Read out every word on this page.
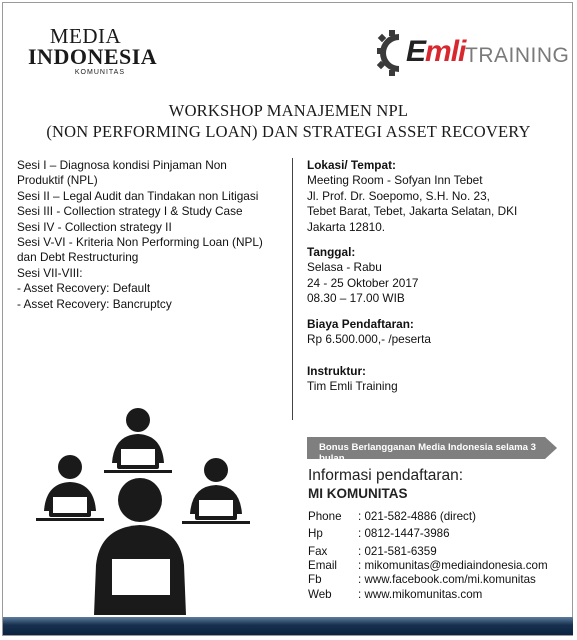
MEDIA
INDONESIA
KOMUNITAS
Emli TRAINING
WORKSHOP MANAJEMEN NPL
(NON PERFORMING LOAN) DAN STRATEGI ASSET RECOVERY
Sesi I – Diagnosa kondisi Pinjaman Non
Produktif (NPL)
Sesi II – Legal Audit dan Tindakan non Litigasi
Sesi III - Collection strategy I & Study Case
Sesi IV - Collection strategy II
Sesi V-VI - Kriteria Non Performing Loan (NPL)
dan Debt Restructuring
Sesi VII-VIII:
- Asset Recovery: Default
- Asset Recovery: Bancruptcy
Lokasi/ Tempat:
Meeting Room - Sofyan Inn Tebet
Jl. Prof. Dr. Soepomo, S.H. No. 23,
Tebet Barat, Tebet, Jakarta Selatan, DKI
Jakarta 12810.
Tanggal:
Selasa - Rabu
24 - 25 Oktober 2017
08.30 – 17.00 WIB
Biaya Pendaftaran:
Rp 6.500.000,- /peserta
Instruktur:
Tim Emli Training
Bonus Berlangganan Media Indonesia selama 3 bulan
Informasi pendaftaran:
MI KOMUNITAS
Phone	: 021-582-4886 (direct)
Hp	: 0812-1447-3986
Fax	: 021-581-6359
Email	: mikomunitas@mediaindonesia.com
Fb	: www.facebook.com/mi.komunitas
Web	: www.mikomunitas.com
